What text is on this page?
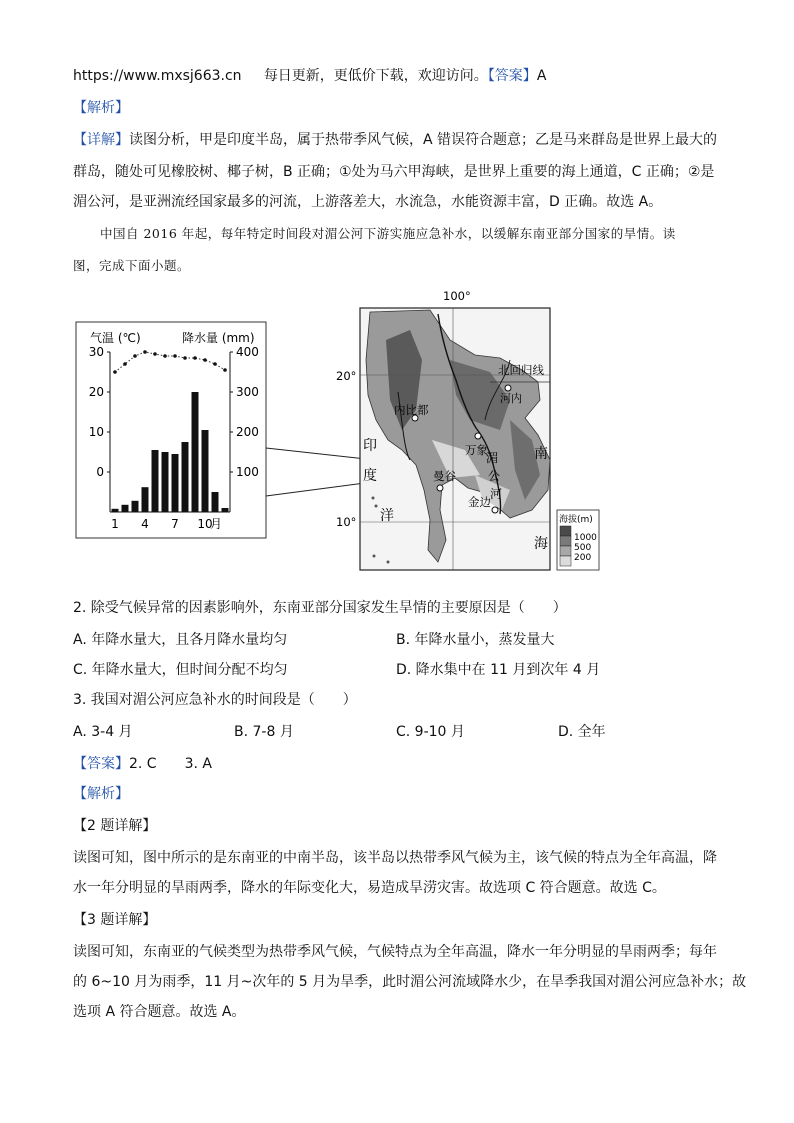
https://www.mxsj663.cn 每日更新，更低价下载，欢迎访问。【答案】A
【解析】
【详解】读图分析，甲是印度半岛，属于热带季风气候，A 错误符合题意；乙是马来群岛是世界上最大的
群岛，随处可见橡胶树、椰子树，B 正确；①处为马六甲海峡，是世界上重要的海上通道，C 正确；②是
湄公河，是亚洲流经国家最多的河流，上游落差大，水流急，水能资源丰富，D 正确。故选 A。
中国自 2016 年起，每年特定时间段对湄公河下游实施应急补水，以缓解东南亚部分国家的旱情。读
图，完成下面小题。
气温 (℃)	降水量 (mm)
30
20
10
0
400
300
200
100
1 4 7 10
月
100°
20°
10°
北回归线
内比都
河内
万象
曼谷
金边
湄
公
河
印
度
洋
南
海
海拔(m)
1000
500
200
2. 除受气候异常的因素影响外，东南亚部分国家发生旱情的主要原因是（　　）
A. 年降水量大，且各月降水量均匀	B. 年降水量小，蒸发量大
C. 年降水量大，但时间分配不均匀	D. 降水集中在 11 月到次年 4 月
3. 我国对湄公河应急补水的时间段是（　　）
A. 3-4 月	B. 7-8 月	C. 9-10 月	D. 全年
【答案】2. C　　3. A
【解析】
【2 题详解】
读图可知，图中所示的是东南亚的中南半岛，该半岛以热带季风气候为主，该气候的特点为全年高温，降
水一年分明显的旱雨两季，降水的年际变化大，易造成旱涝灾害。故选项 C 符合题意。故选 C。
【3 题详解】
读图可知，东南亚的气候类型为热带季风气候，气候特点为全年高温，降水一年分明显的旱雨两季；每年
的 6~10 月为雨季，11 月~次年的 5 月为旱季，此时湄公河流域降水少，在旱季我国对湄公河应急补水；故
选项 A 符合题意。故选 A。
